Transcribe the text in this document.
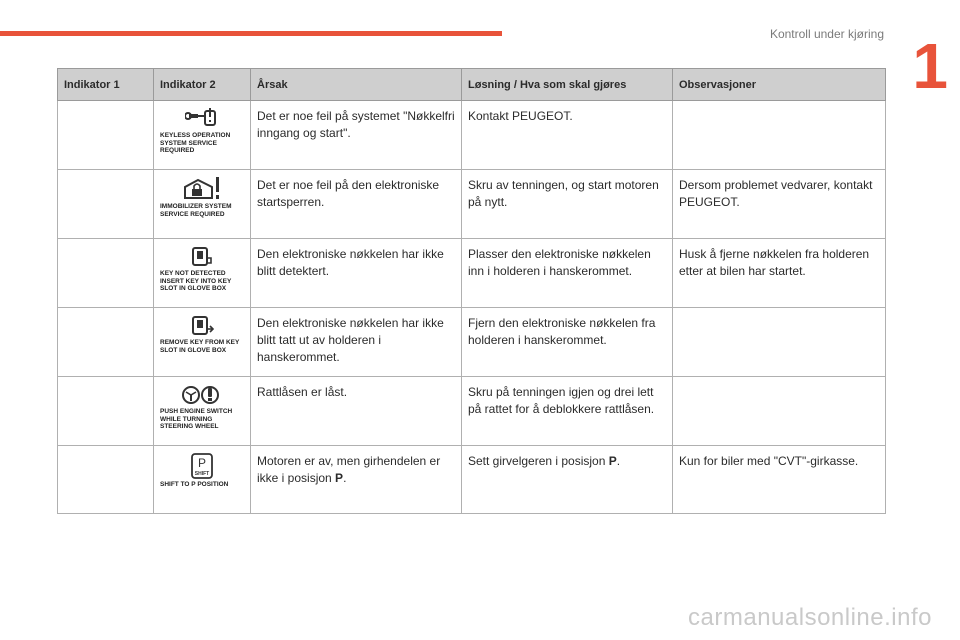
Kontroll under kjøring 1
Indikator 1	Indikator 2	Årsak	Løsning / Hva som skal gjøres	Observasjoner

	KEYLESS OPERATION SYSTEM SERVICE REQUIRED	Det er noe feil på systemet "Nøkkelfri inngang og start".	Kontakt PEUGEOT.	

	IMMOBILIZER SYSTEM SERVICE REQUIRED	Det er noe feil på den elektroniske startsperren.	Skru av tenningen, og start motoren på nytt.	Dersom problemet vedvarer, kontakt PEUGEOT.

	KEY NOT DETECTED INSERT KEY INTO KEY SLOT IN GLOVE BOX	Den elektroniske nøkkelen har ikke blitt detektert.	Plasser den elektroniske nøkkelen inn i holderen i hanskerommet.	Husk å fjerne nøkkelen fra holderen etter at bilen har startet.

	REMOVE KEY FROM KEY SLOT IN GLOVE BOX	Den elektroniske nøkkelen har ikke blitt tatt ut av holderen i hanskerommet.	Fjern den elektroniske nøkkelen fra holderen i hanskerommet.	

	PUSH ENGINE SWITCH WHILE TURNING STEERING WHEEL	Rattlåsen er låst.	Skru på tenningen igjen og drei lett på rattet for å deblokkere rattlåsen.	

P
SHIFT
SHIFT TO P POSITION	Motoren er av, men girhendelen er ikke i posisjon P.	Sett girvelgeren i posisjon P.	Kun for biler med "CVT"-girkasse.
carmanualsonline.info
